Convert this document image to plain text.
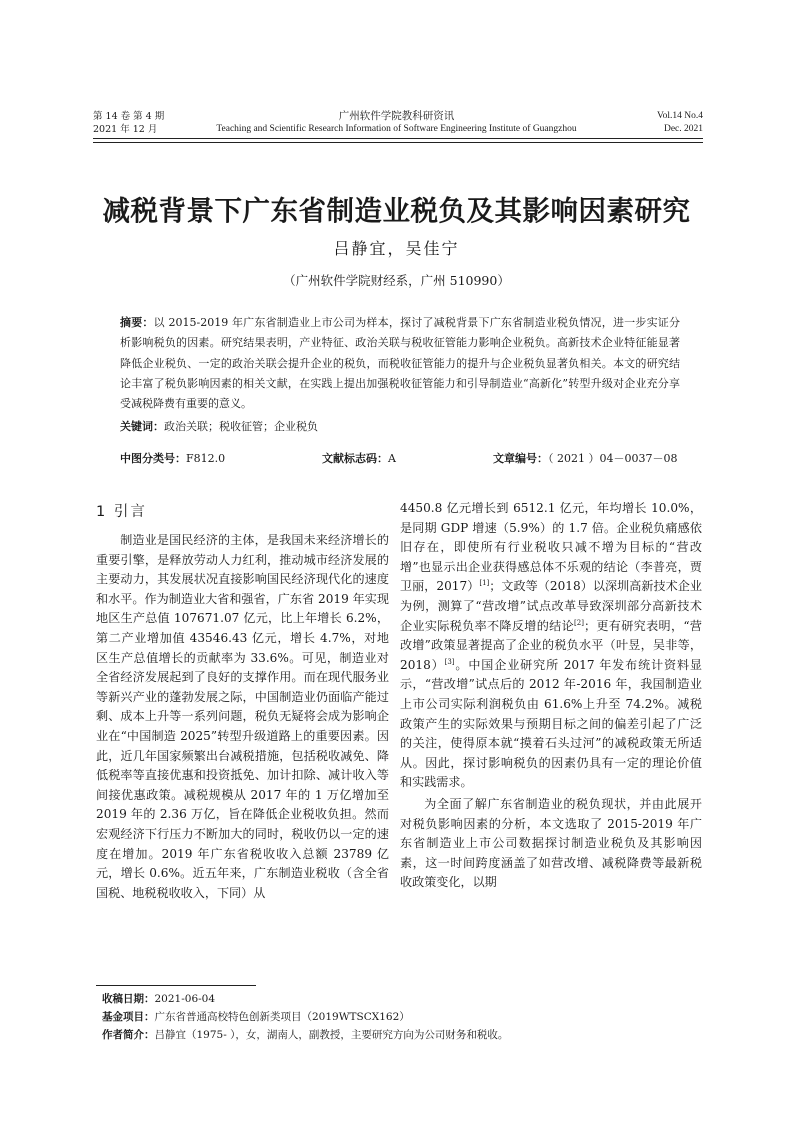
第 14 卷 第 4 期
2021 年 12 月
广州软件学院教科研资讯
Teaching and Scientific Research Information of Software Engineering Institute of Guangzhou
Vol.14 No.4
Dec. 2021
减税背景下广东省制造业税负及其影响因素研究
吕静宜，吴佳宁
（广州软件学院财经系，广州 510990）
摘要：以 2015-2019 年广东省制造业上市公司为样本，探讨了减税背景下广东省制造业税负情况，进一步实证分析影响税负的因素。研究结果表明，产业特征、政治关联与税收征管能力影响企业税负。高新技术企业特征能显著降低企业税负、一定的政治关联会提升企业的税负，而税收征管能力的提升与企业税负显著负相关。本文的研究结论丰富了税负影响因素的相关文献，在实践上提出加强税收征管能力和引导制造业“高新化”转型升级对企业充分享受减税降费有重要的意义。
关键词：政治关联；税收征管；企业税负
中图分类号：F812.0	文献标志码：A	文章编号：（ 2021 ）04－0037－08
1 引言

制造业是国民经济的主体，是我国未来经济增长的重要引擎，是释放劳动人力红利，推动城市经济发展的主要动力，其发展状况直接影响国民经济现代化的速度和水平。作为制造业大省和强省，广东省 2019 年实现地区生产总值 107671.07 亿元，比上年增长 6.2%，第二产业增加值 43546.43 亿元，增长 4.7%，对地区生产总值增长的贡献率为 33.6%。可见，制造业对全省经济发展起到了良好的支撑作用。而在现代服务业等新兴产业的蓬勃发展之际，中国制造业仍面临产能过剩、成本上升等一系列问题，税负无疑将会成为影响企业在“中国制造 2025”转型升级道路上的重要因素。因此，近几年国家频繁出台减税措施，包括税收减免、降低税率等直接优惠和投资抵免、加计扣除、减计收入等间接优惠政策。减税规模从 2017 年的 1 万亿增加至 2019 年的 2.36 万亿，旨在降低企业税收负担。然而宏观经济下行压力不断加大的同时，税收仍以一定的速度在增加。2019 年广东省税收收入总额 23789 亿元，增长 0.6%。近五年来，广东制造业税收（含全省国税、地税税收收入，下同）从

4450.8 亿元增长到 6512.1 亿元，年均增长 10.0%，是同期 GDP 增速（5.9%）的 1.7 倍。企业税负痛感依旧存在，即使所有行业税收只减不增为目标的“营改增”也显示出企业获得感总体不乐观的结论（李普亮，贾卫丽，2017）[1]；文政等（2018）以深圳高新技术企业为例，测算了“营改增”试点改革导致深圳部分高新技术企业实际税负率不降反增的结论[2]；更有研究表明，“营改增”政策显著提高了企业的税负水平（叶昱，吴非等，2018）[3]。中国企业研究所 2017 年发布统计资料显示，“营改增”试点后的 2012 年-2016 年，我国制造业上市公司实际利润税负由 61.6%上升至 74.2%。减税政策产生的实际效果与预期目标之间的偏差引起了广泛的关注，使得原本就“摸着石头过河”的减税政策无所适从。因此，探讨影响税负的因素仍具有一定的理论价值和实践需求。

为全面了解广东省制造业的税负现状，并由此展开对税负影响因素的分析，本文选取了 2015-2019 年广东省制造业上市公司数据探讨制造业税负及其影响因素，这一时间跨度涵盖了如营改增、减税降费等最新税收政策变化，以期

收稿日期：2021-06-04
基金项目：广东省普通高校特色创新类项目（2019WTSCX162）
作者简介：吕静宜（1975- ），女，湖南人，副教授，主要研究方向为公司财务和税收。
